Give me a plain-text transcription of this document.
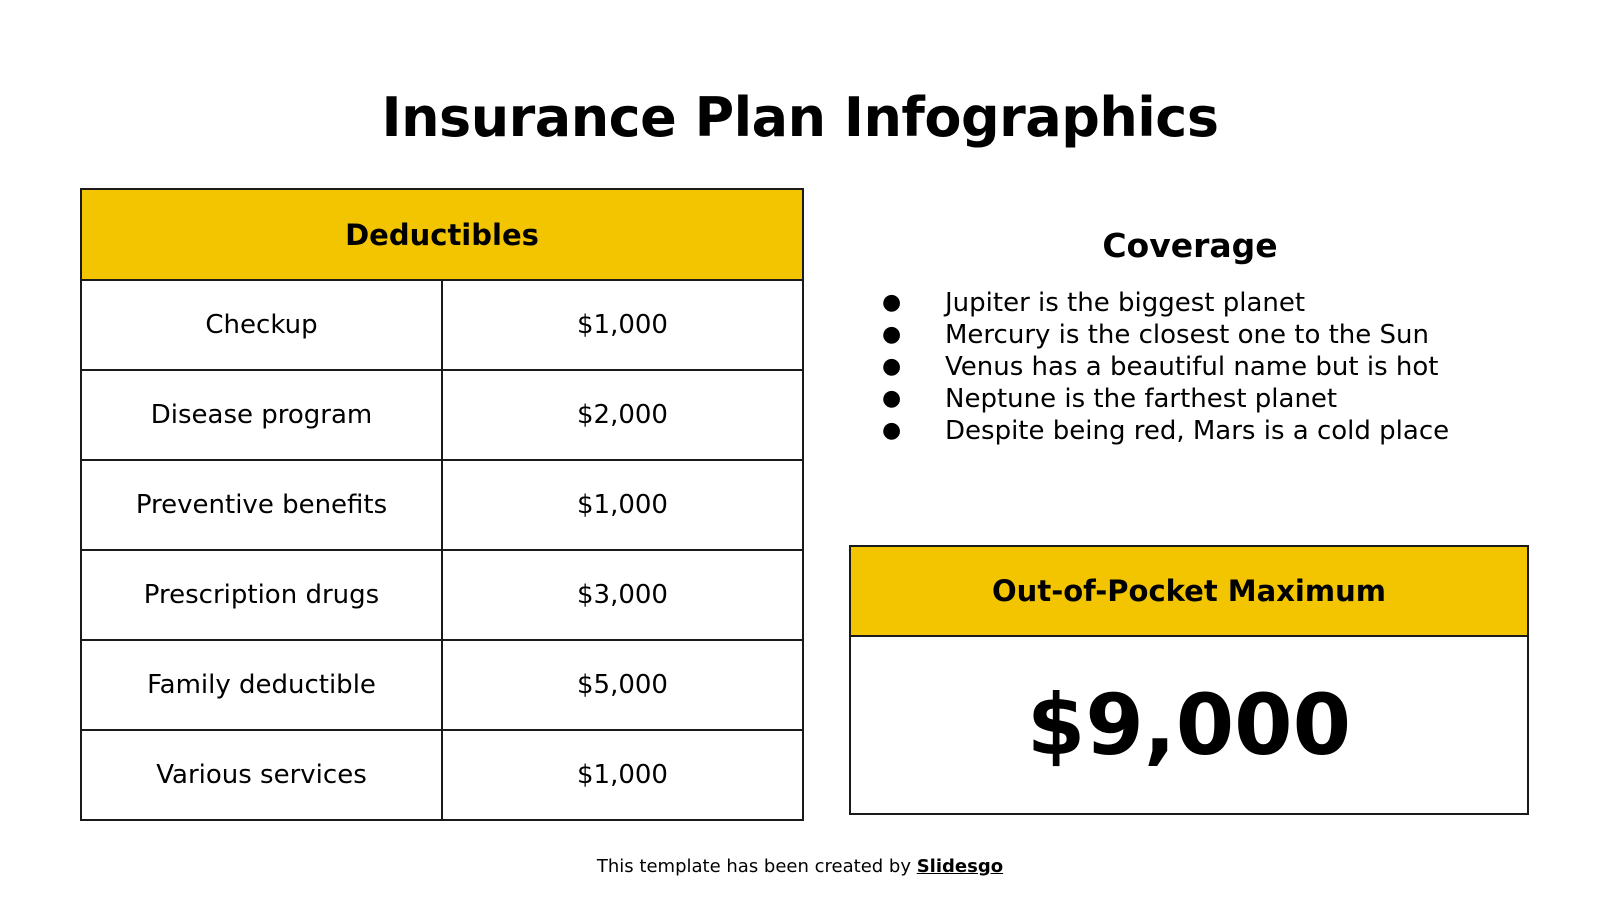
Insurance Plan Infographics
Deductibles	
Checkup	$1,000
Disease program	$2,000
Preventive benefits	$1,000
Prescription drugs	$3,000
Family deductible	$5,000
Various services	$1,000
Coverage
● Jupiter is the biggest planet
● Mercury is the closest one to the Sun
● Venus has a beautiful name but is hot
● Neptune is the farthest planet
● Despite being red, Mars is a cold place
Out-of-Pocket Maximum
$9,000
This template has been created by Slidesgo
